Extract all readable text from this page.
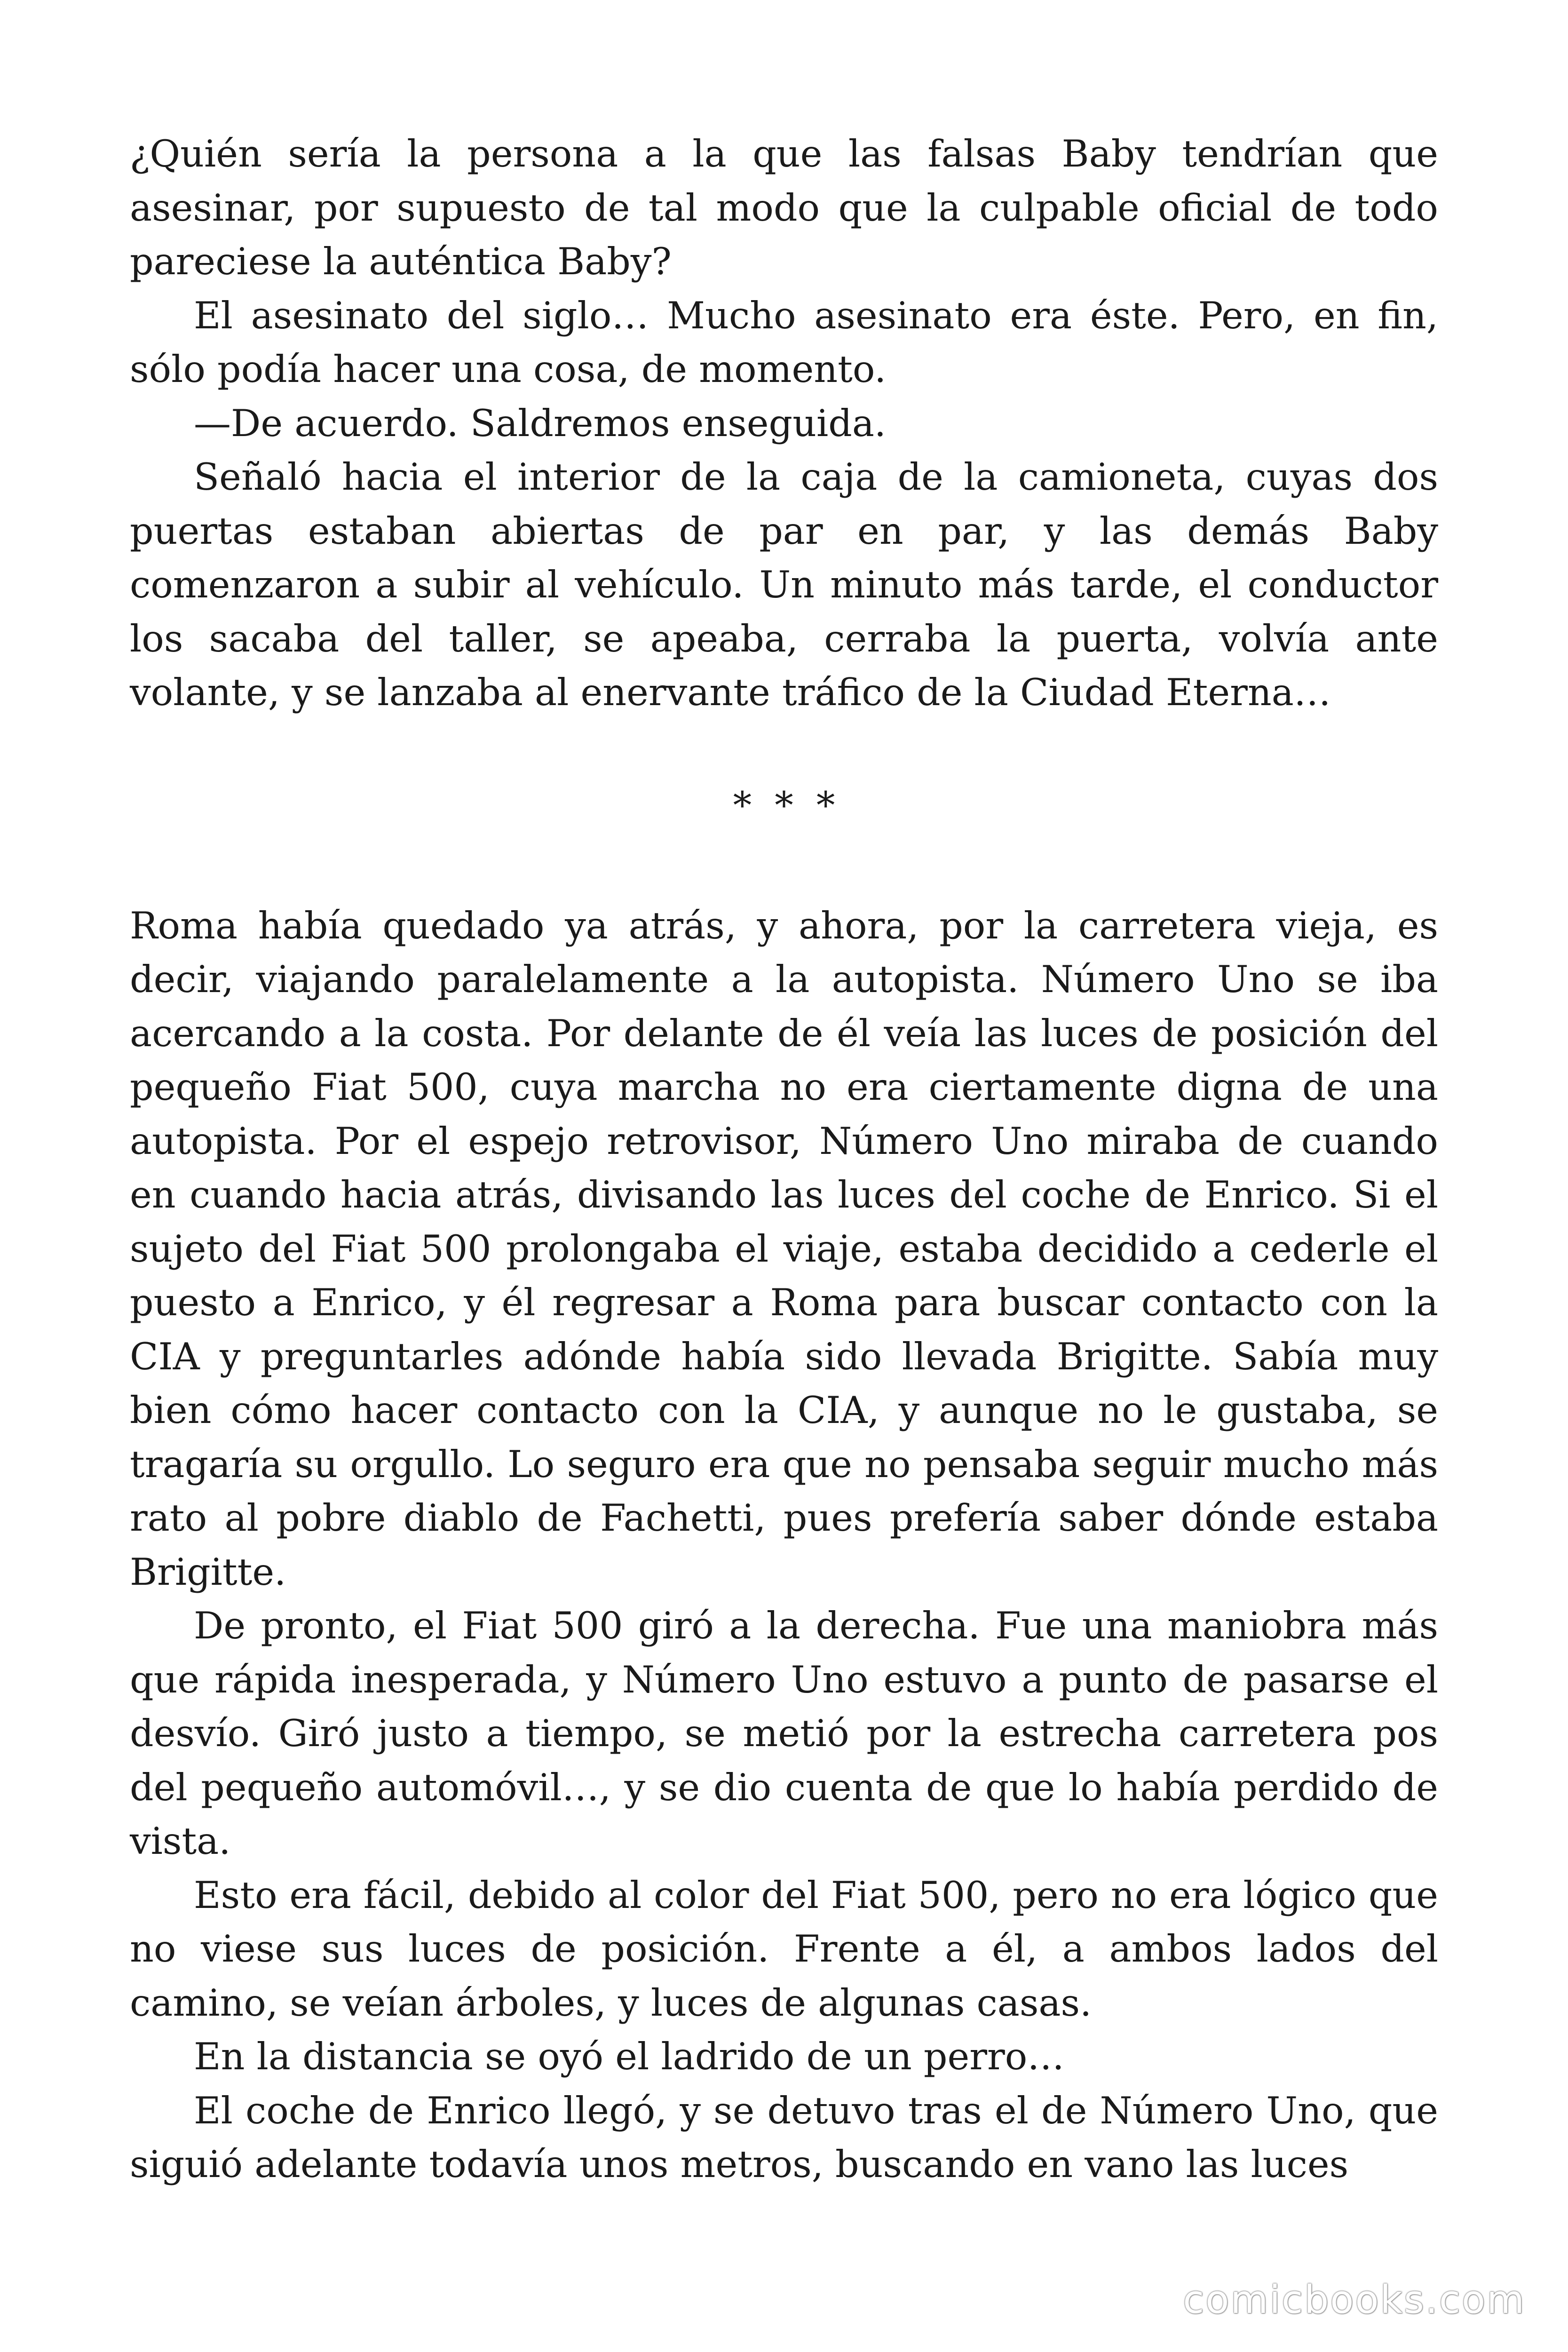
¿Quién sería la persona a la que las falsas Baby tendrían que asesinar, por supuesto de tal modo que la culpable oficial de todo pareciese la auténtica Baby?

El asesinato del siglo… Mucho asesinato era éste. Pero, en fin, sólo podía hacer una cosa, de momento.

—De acuerdo. Saldremos enseguida.

Señaló hacia el interior de la caja de la camioneta, cuyas dos puertas estaban abiertas de par en par, y las demás Baby comenzaron a subir al vehículo. Un minuto más tarde, el conductor los sacaba del taller, se apeaba, cerraba la puerta, volvía ante volante, y se lanzaba al enervante tráfico de la Ciudad Eterna…

* * *

Roma había quedado ya atrás, y ahora, por la carretera vieja, es decir, viajando paralelamente a la autopista. Número Uno se iba acercando a la costa. Por delante de él veía las luces de posición del pequeño Fiat 500, cuya marcha no era ciertamente digna de una autopista. Por el espejo retrovisor, Número Uno miraba de cuando en cuando hacia atrás, divisando las luces del coche de Enrico. Si el sujeto del Fiat 500 prolongaba el viaje, estaba decidido a cederle el puesto a Enrico, y él regresar a Roma para buscar contacto con la CIA y preguntarles adónde había sido llevada Brigitte. Sabía muy bien cómo hacer contacto con la CIA, y aunque no le gustaba, se tragaría su orgullo. Lo seguro era que no pensaba seguir mucho más rato al pobre diablo de Fachetti, pues prefería saber dónde estaba Brigitte.

De pronto, el Fiat 500 giró a la derecha. Fue una maniobra más que rápida inesperada, y Número Uno estuvo a punto de pasarse el desvío. Giró justo a tiempo, se metió por la estrecha carretera pos del pequeño automóvil…, y se dio cuenta de que lo había perdido de vista.

Esto era fácil, debido al color del Fiat 500, pero no era lógico que no viese sus luces de posición. Frente a él, a ambos lados del camino, se veían árboles, y luces de algunas casas.

En la distancia se oyó el ladrido de un perro…

El coche de Enrico llegó, y se detuvo tras el de Número Uno, que siguió adelante todavía unos metros, buscando en vano las luces

comicbooks.com
